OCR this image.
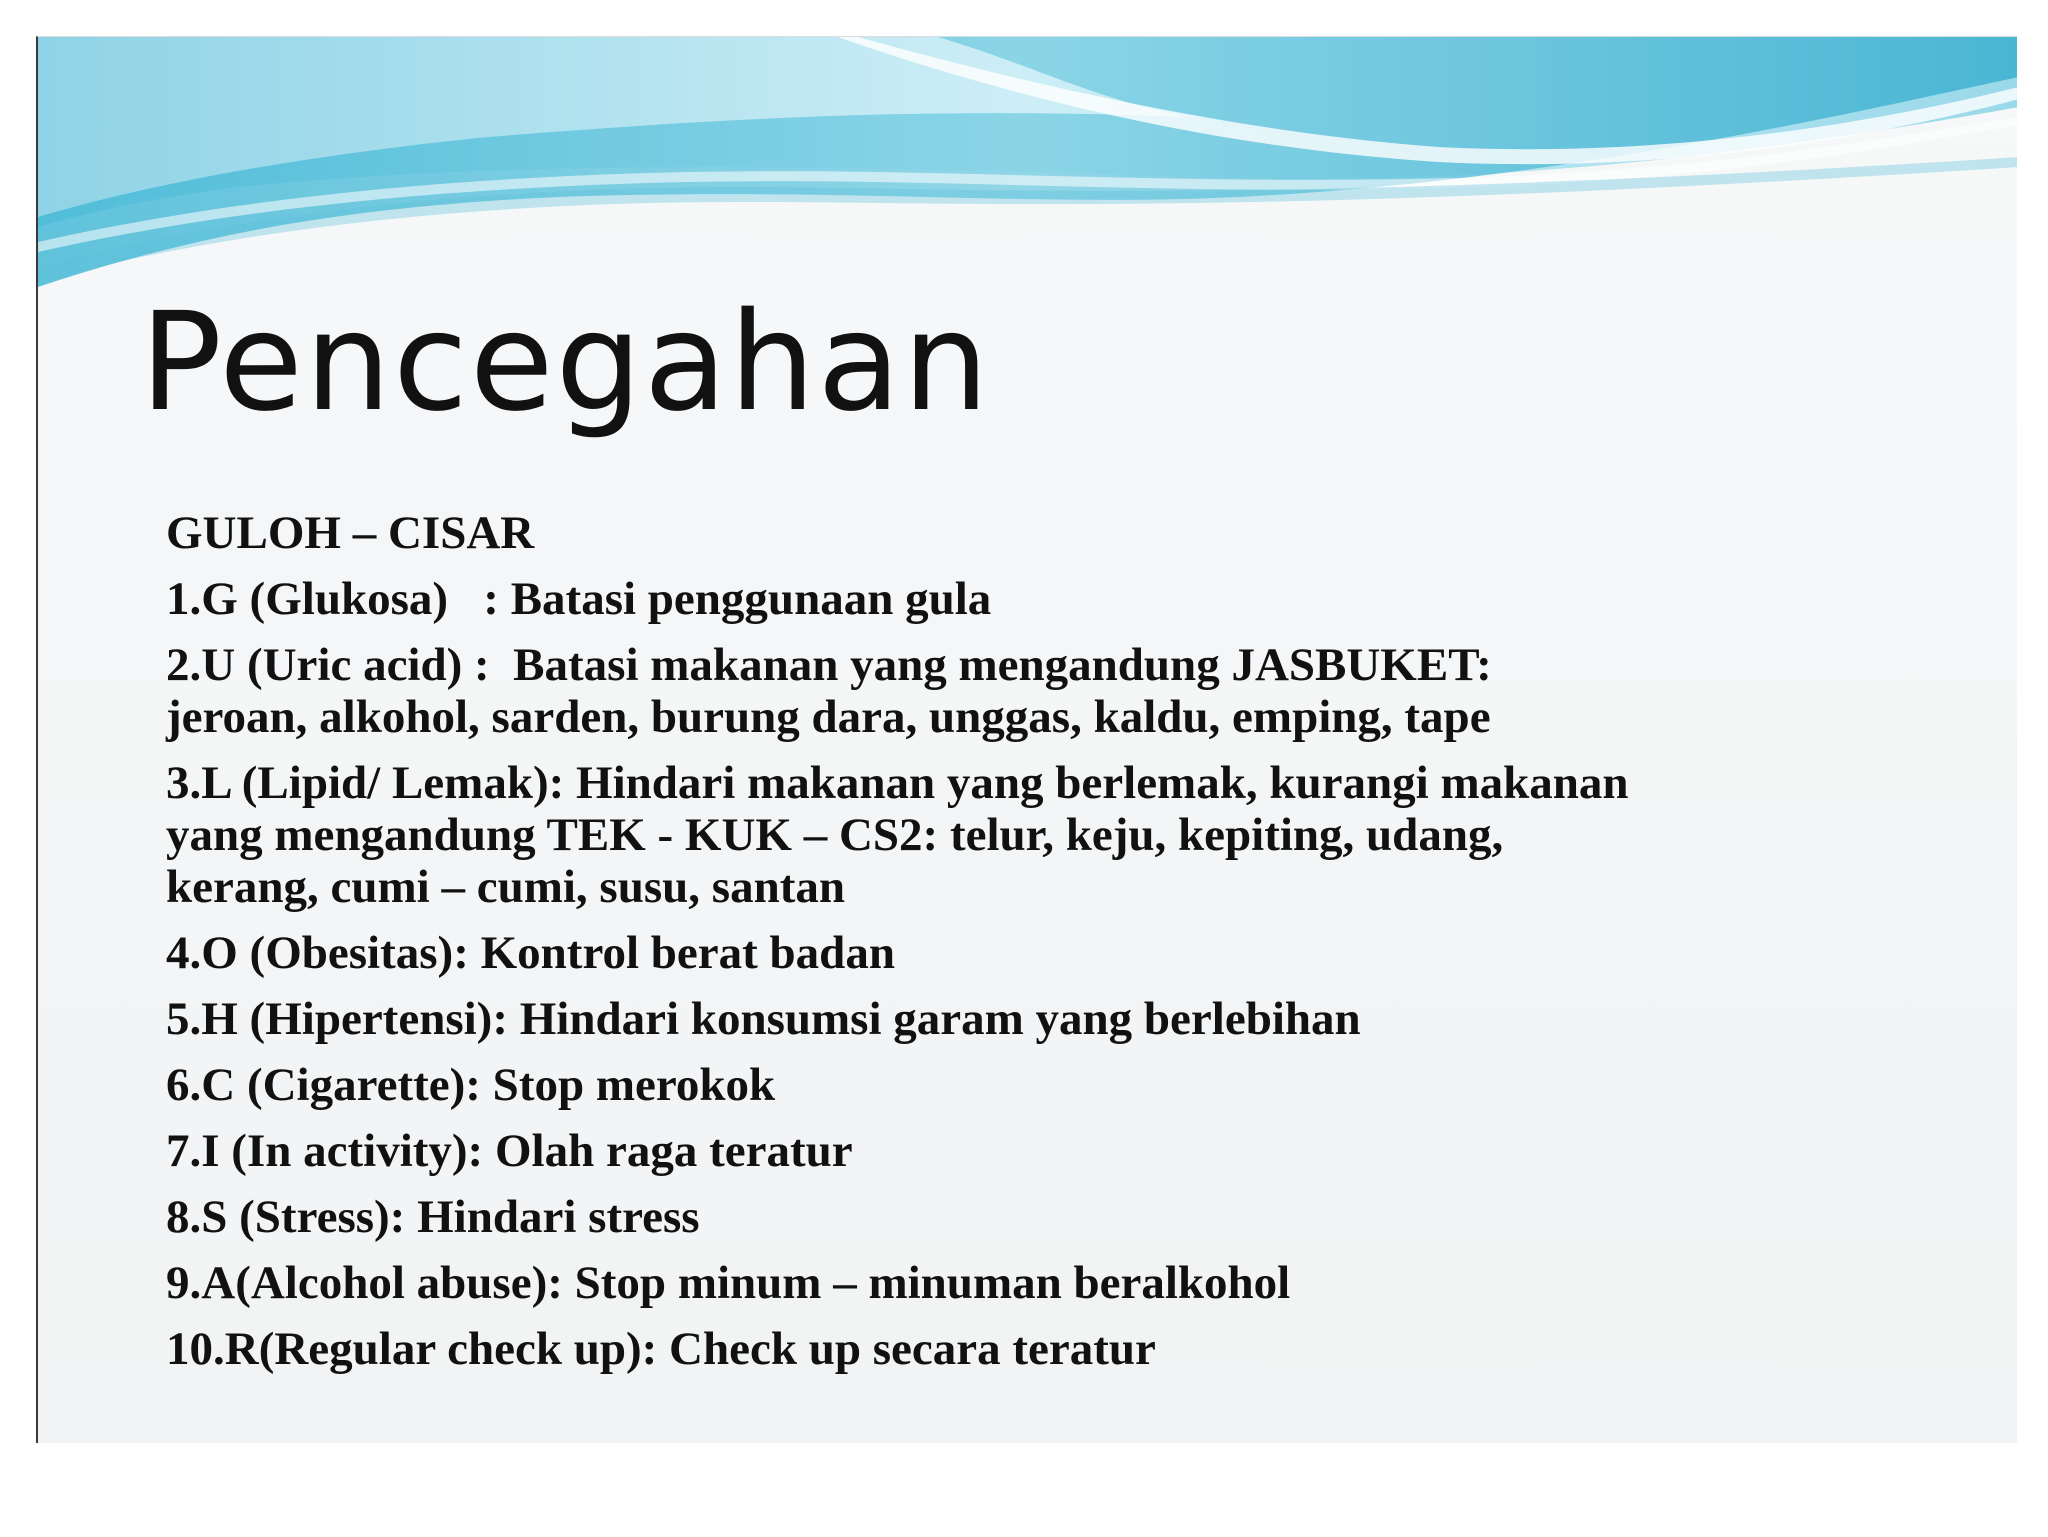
Pencegahan
GULOH – CISAR
1.G (Glukosa)   : Batasi penggunaan gula
2.U (Uric acid) :  Batasi makanan yang mengandung JASBUKET:
jeroan, alkohol, sarden, burung dara, unggas, kaldu, emping, tape
3.L (Lipid/ Lemak): Hindari makanan yang berlemak, kurangi makanan
yang mengandung TEK - KUK – CS2: telur, keju, kepiting, udang,
kerang, cumi – cumi, susu, santan
4.O (Obesitas): Kontrol berat badan
5.H (Hipertensi): Hindari konsumsi garam yang berlebihan
6.C (Cigarette): Stop merokok
7.I (In activity): Olah raga teratur
8.S (Stress): Hindari stress
9.A(Alcohol abuse): Stop minum – minuman beralkohol
10.R(Regular check up): Check up secara teratur
